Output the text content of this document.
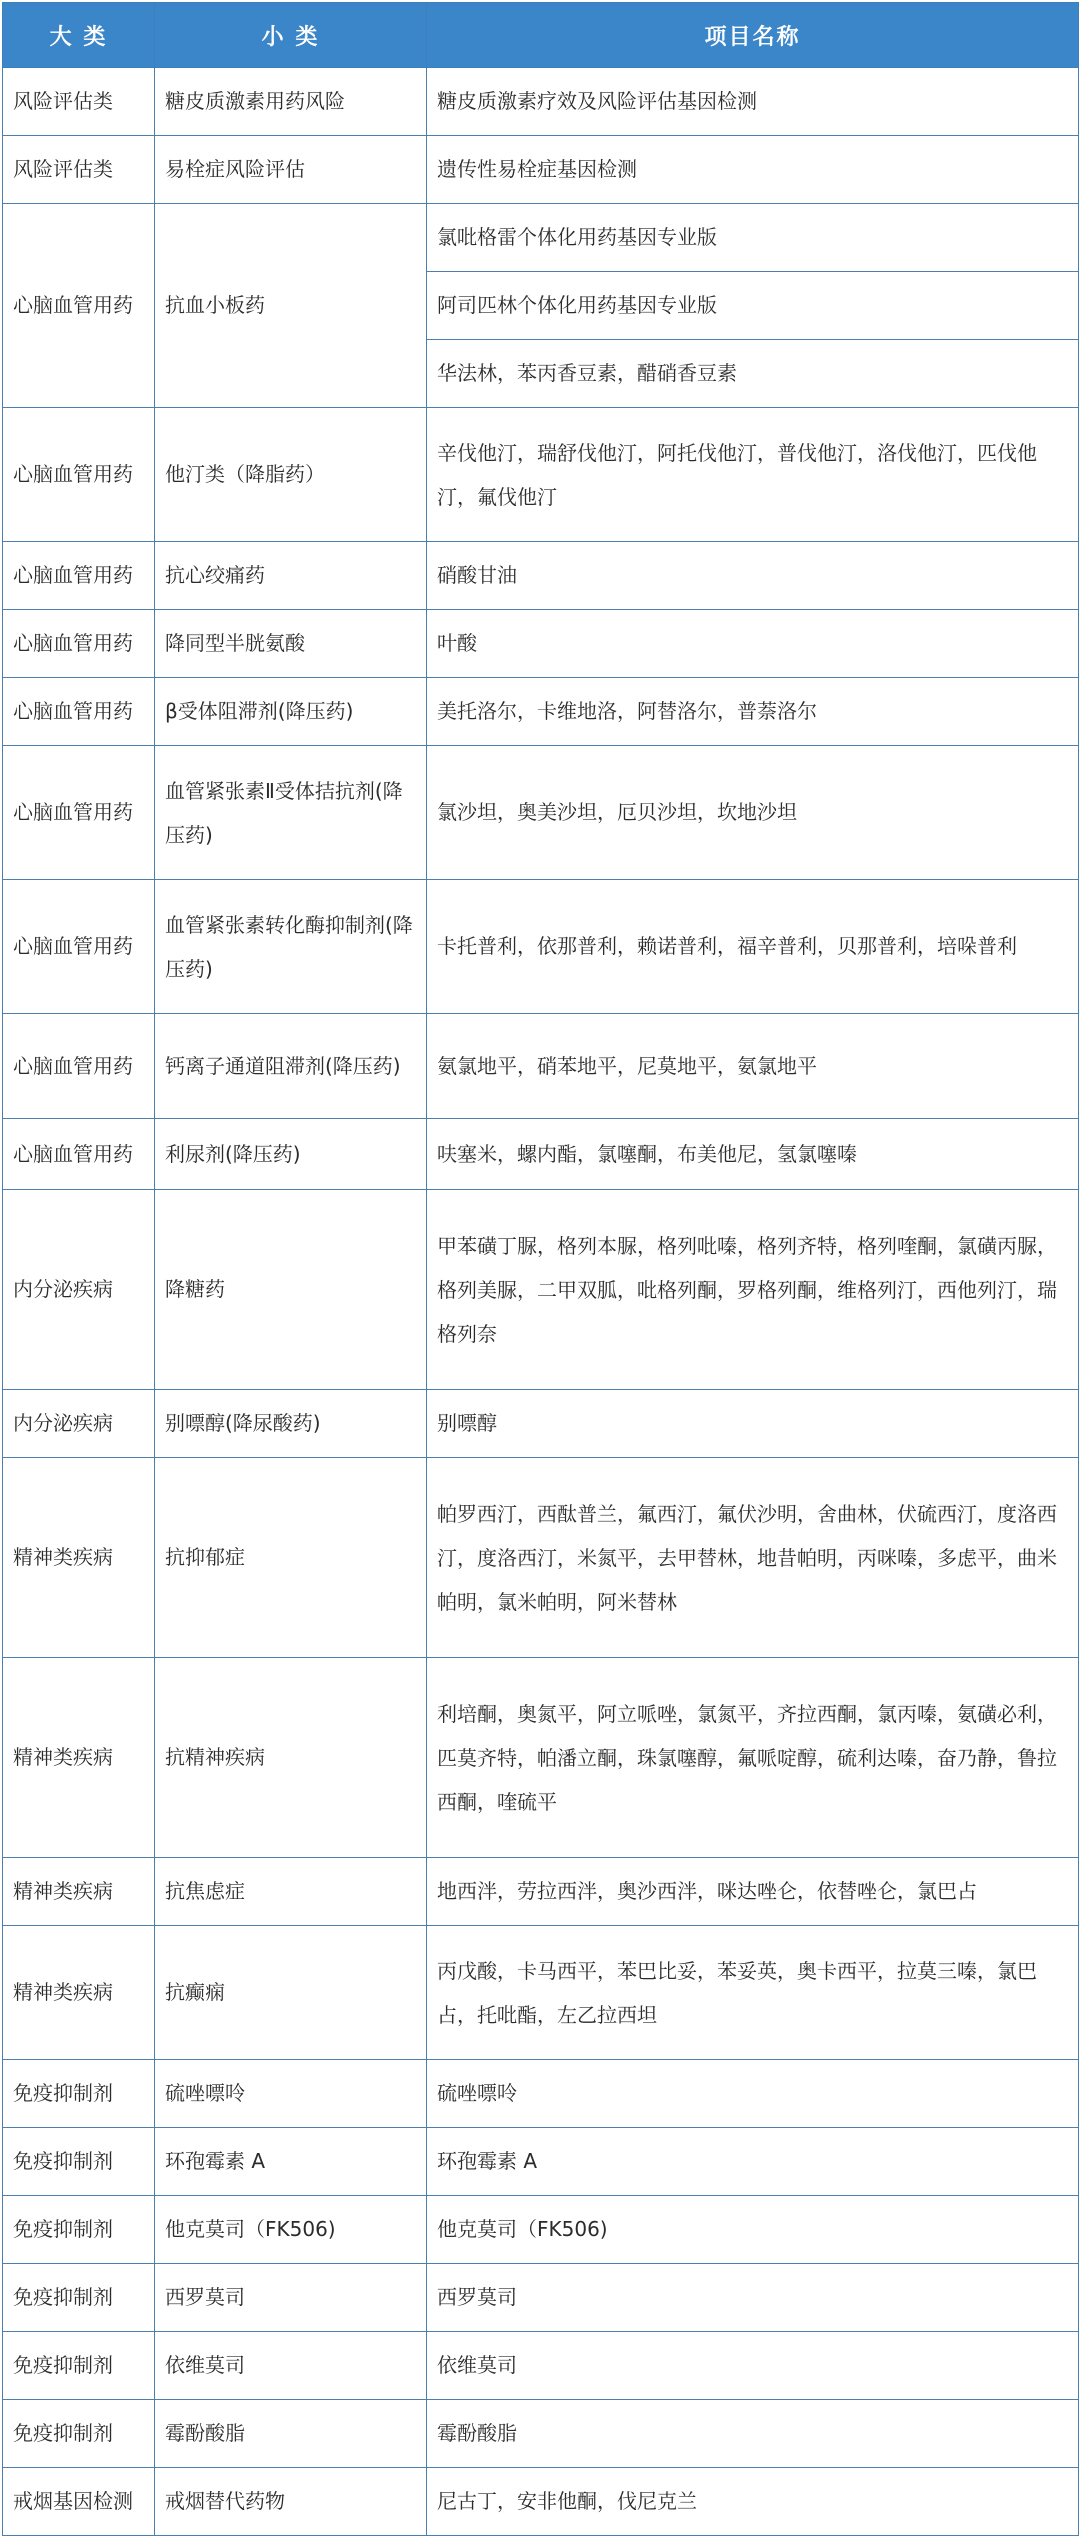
大 类	小 类	项目名称
风险评估类	糖皮质激素用药风险	糖皮质激素疗效及风险评估基因检测
风险评估类	易栓症风险评估	遗传性易栓症基因检测
心脑血管用药	抗血小板药	氯吡格雷个体化用药基因专业版
		阿司匹林个体化用药基因专业版
		华法林，苯丙香豆素，醋硝香豆素
心脑血管用药	他汀类（降脂药）	辛伐他汀，瑞舒伐他汀，阿托伐他汀，普伐他汀，洛伐他汀，匹伐他汀，氟伐他汀
心脑血管用药	抗心绞痛药	硝酸甘油
心脑血管用药	降同型半胱氨酸	叶酸
心脑血管用药	β受体阻滞剂(降压药)	美托洛尔，卡维地洛，阿替洛尔，普萘洛尔
心脑血管用药	血管紧张素Ⅱ受体拮抗剂(降压药)	氯沙坦，奥美沙坦，厄贝沙坦，坎地沙坦
心脑血管用药	血管紧张素转化酶抑制剂(降压药)	卡托普利，依那普利，赖诺普利，福辛普利，贝那普利，培哚普利
心脑血管用药	钙离子通道阻滞剂(降压药)	氨氯地平，硝苯地平，尼莫地平，氨氯地平
心脑血管用药	利尿剂(降压药)	呋塞米，螺内酯，氯噻酮，布美他尼，氢氯噻嗪
内分泌疾病	降糖药	甲苯磺丁脲，格列本脲，格列吡嗪，格列齐特，格列喹酮，氯磺丙脲，格列美脲，二甲双胍，吡格列酮，罗格列酮，维格列汀，西他列汀，瑞格列奈
内分泌疾病	别嘌醇(降尿酸药)	别嘌醇
精神类疾病	抗抑郁症	帕罗西汀，西酞普兰，氟西汀，氟伏沙明，舍曲林，伏硫西汀，度洛西汀，度洛西汀，米氮平，去甲替林，地昔帕明，丙咪嗪，多虑平，曲米帕明，氯米帕明，阿米替林
精神类疾病	抗精神疾病	利培酮，奥氮平，阿立哌唑，氯氮平，齐拉西酮，氯丙嗪，氨磺必利，匹莫齐特，帕潘立酮，珠氯噻醇，氟哌啶醇，硫利达嗪，奋乃静，鲁拉西酮，喹硫平
精神类疾病	抗焦虑症	地西泮，劳拉西泮，奥沙西泮，咪达唑仑，依替唑仑，氯巴占
精神类疾病	抗癫痫	丙戊酸，卡马西平，苯巴比妥，苯妥英，奥卡西平，拉莫三嗪，氯巴占，托吡酯，左乙拉西坦
免疫抑制剂	硫唑嘌呤	硫唑嘌呤
免疫抑制剂	环孢霉素 A	环孢霉素 A
免疫抑制剂	他克莫司（FK506)	他克莫司（FK506)
免疫抑制剂	西罗莫司	西罗莫司
免疫抑制剂	依维莫司	依维莫司
免疫抑制剂	霉酚酸脂	霉酚酸脂
戒烟基因检测	戒烟替代药物	尼古丁，安非他酮，伐尼克兰
